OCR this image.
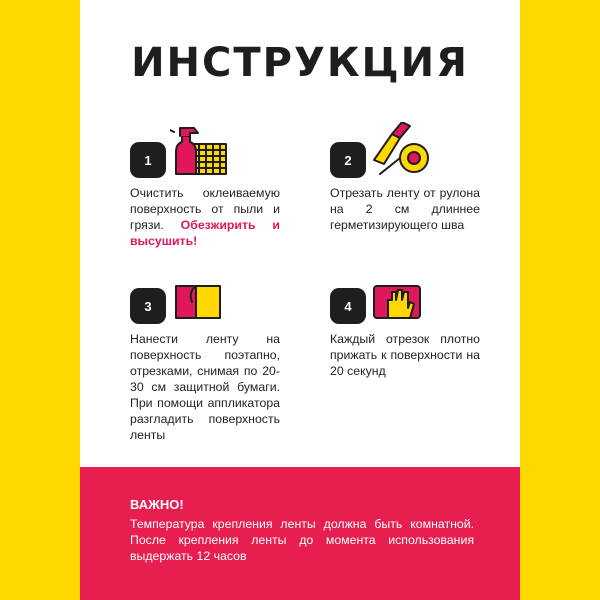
ИНСТРУКЦИЯ
1
Очистить оклеиваемую поверхность от пыли и грязи. Обезжирить и высушить!
2
Отрезать ленту от рулона на 2 см длиннее герметизирующего шва
3
Нанести ленту на поверхность поэтапно, отрезками, снимая по 20-30 см защитной бумаги. При помощи аппликатора разгладить поверхность ленты
4
Каждый отрезок плотно прижать к поверхности на 20 секунд
ВАЖНО!
Температура крепления ленты должна быть комнатной. После крепления ленты до момента использования выдержать 12 часов
